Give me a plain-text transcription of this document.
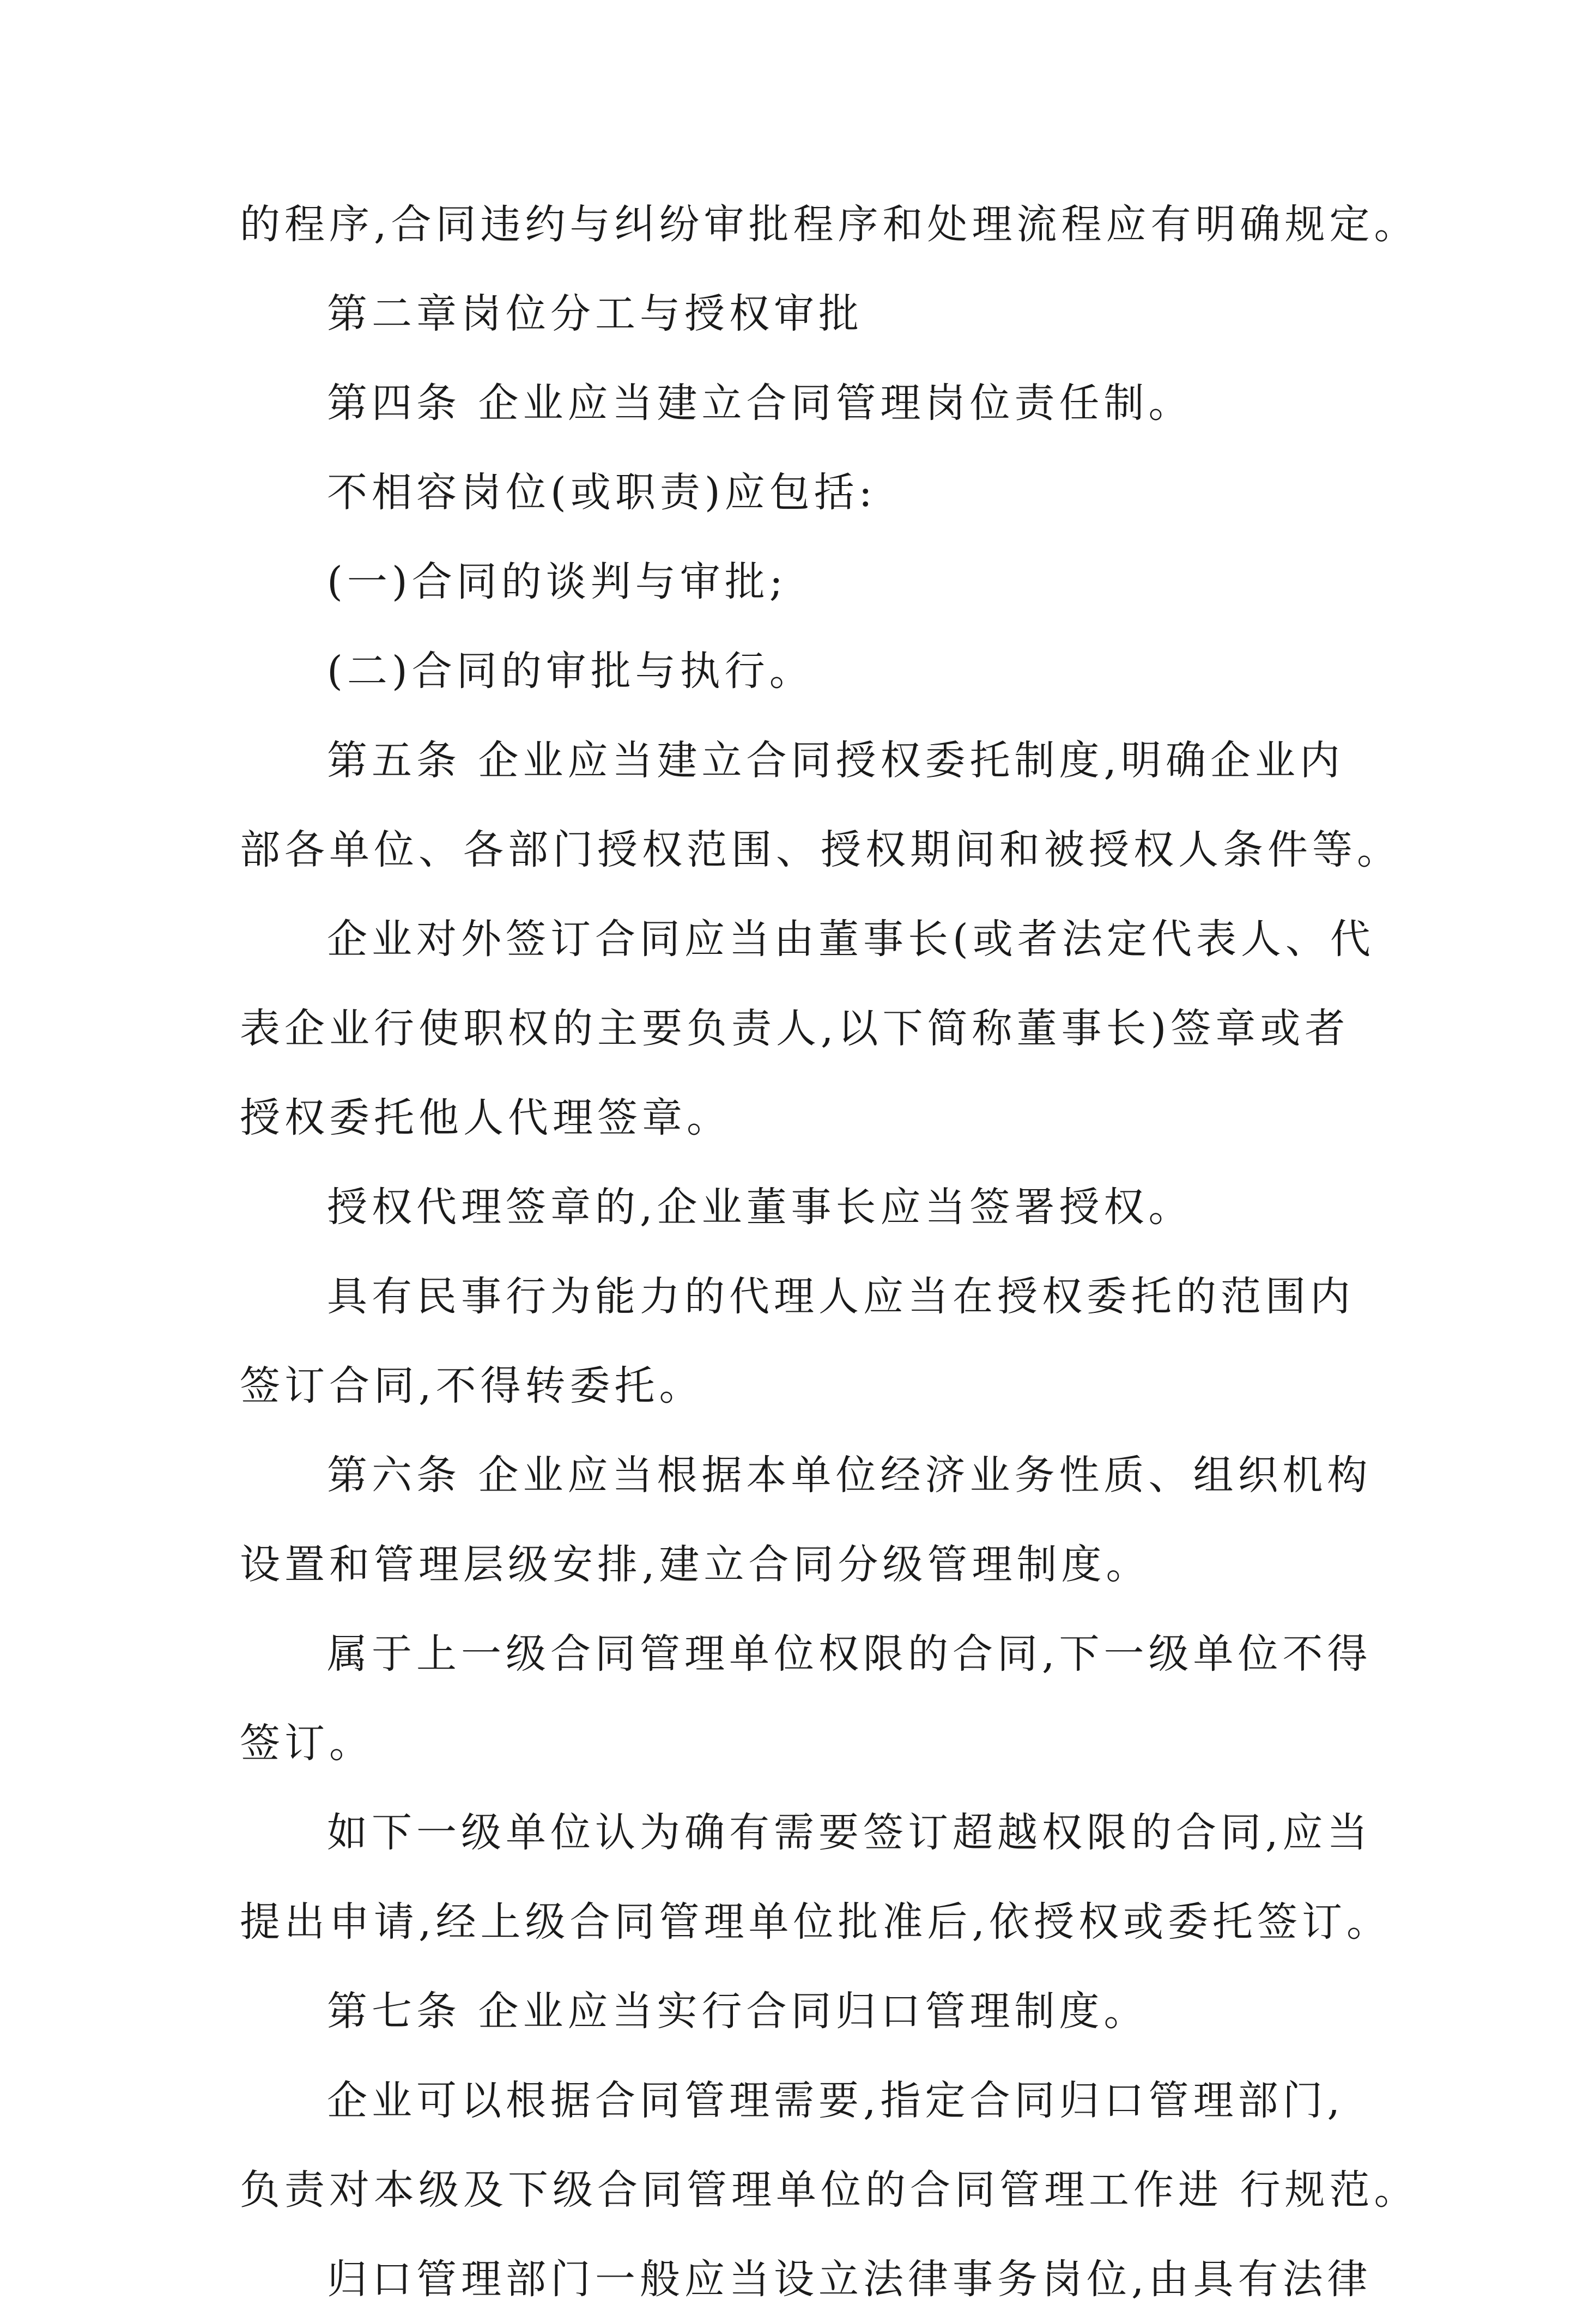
的程序,合同违约与纠纷审批程序和处理流程应有明确规定。

第二章岗位分工与授权审批

第四条 企业应当建立合同管理岗位责任制。

不相容岗位(或职责)应包括:

(一)合同的谈判与审批;

(二)合同的审批与执行。

第五条 企业应当建立合同授权委托制度,明确企业内

部各单位、各部门授权范围、授权期间和被授权人条件等。

企业对外签订合同应当由董事长(或者法定代表人、代

表企业行使职权的主要负责人,以下简称董事长)签章或者

授权委托他人代理签章。

授权代理签章的,企业董事长应当签署授权。

具有民事行为能力的代理人应当在授权委托的范围内

签订合同,不得转委托。

第六条 企业应当根据本单位经济业务性质、组织机构

设置和管理层级安排,建立合同分级管理制度。

属于上一级合同管理单位权限的合同,下一级单位不得

签订。

如下一级单位认为确有需要签订超越权限的合同,应当

提出申请,经上级合同管理单位批准后,依授权或委托签订。

第七条 企业应当实行合同归口管理制度。

企业可以根据合同管理需要,指定合同归口管理部门,

负责对本级及下级合同管理单位的合同管理工作进 行规范。

归口管理部门一般应当设立法律事务岗位,由具有法律
